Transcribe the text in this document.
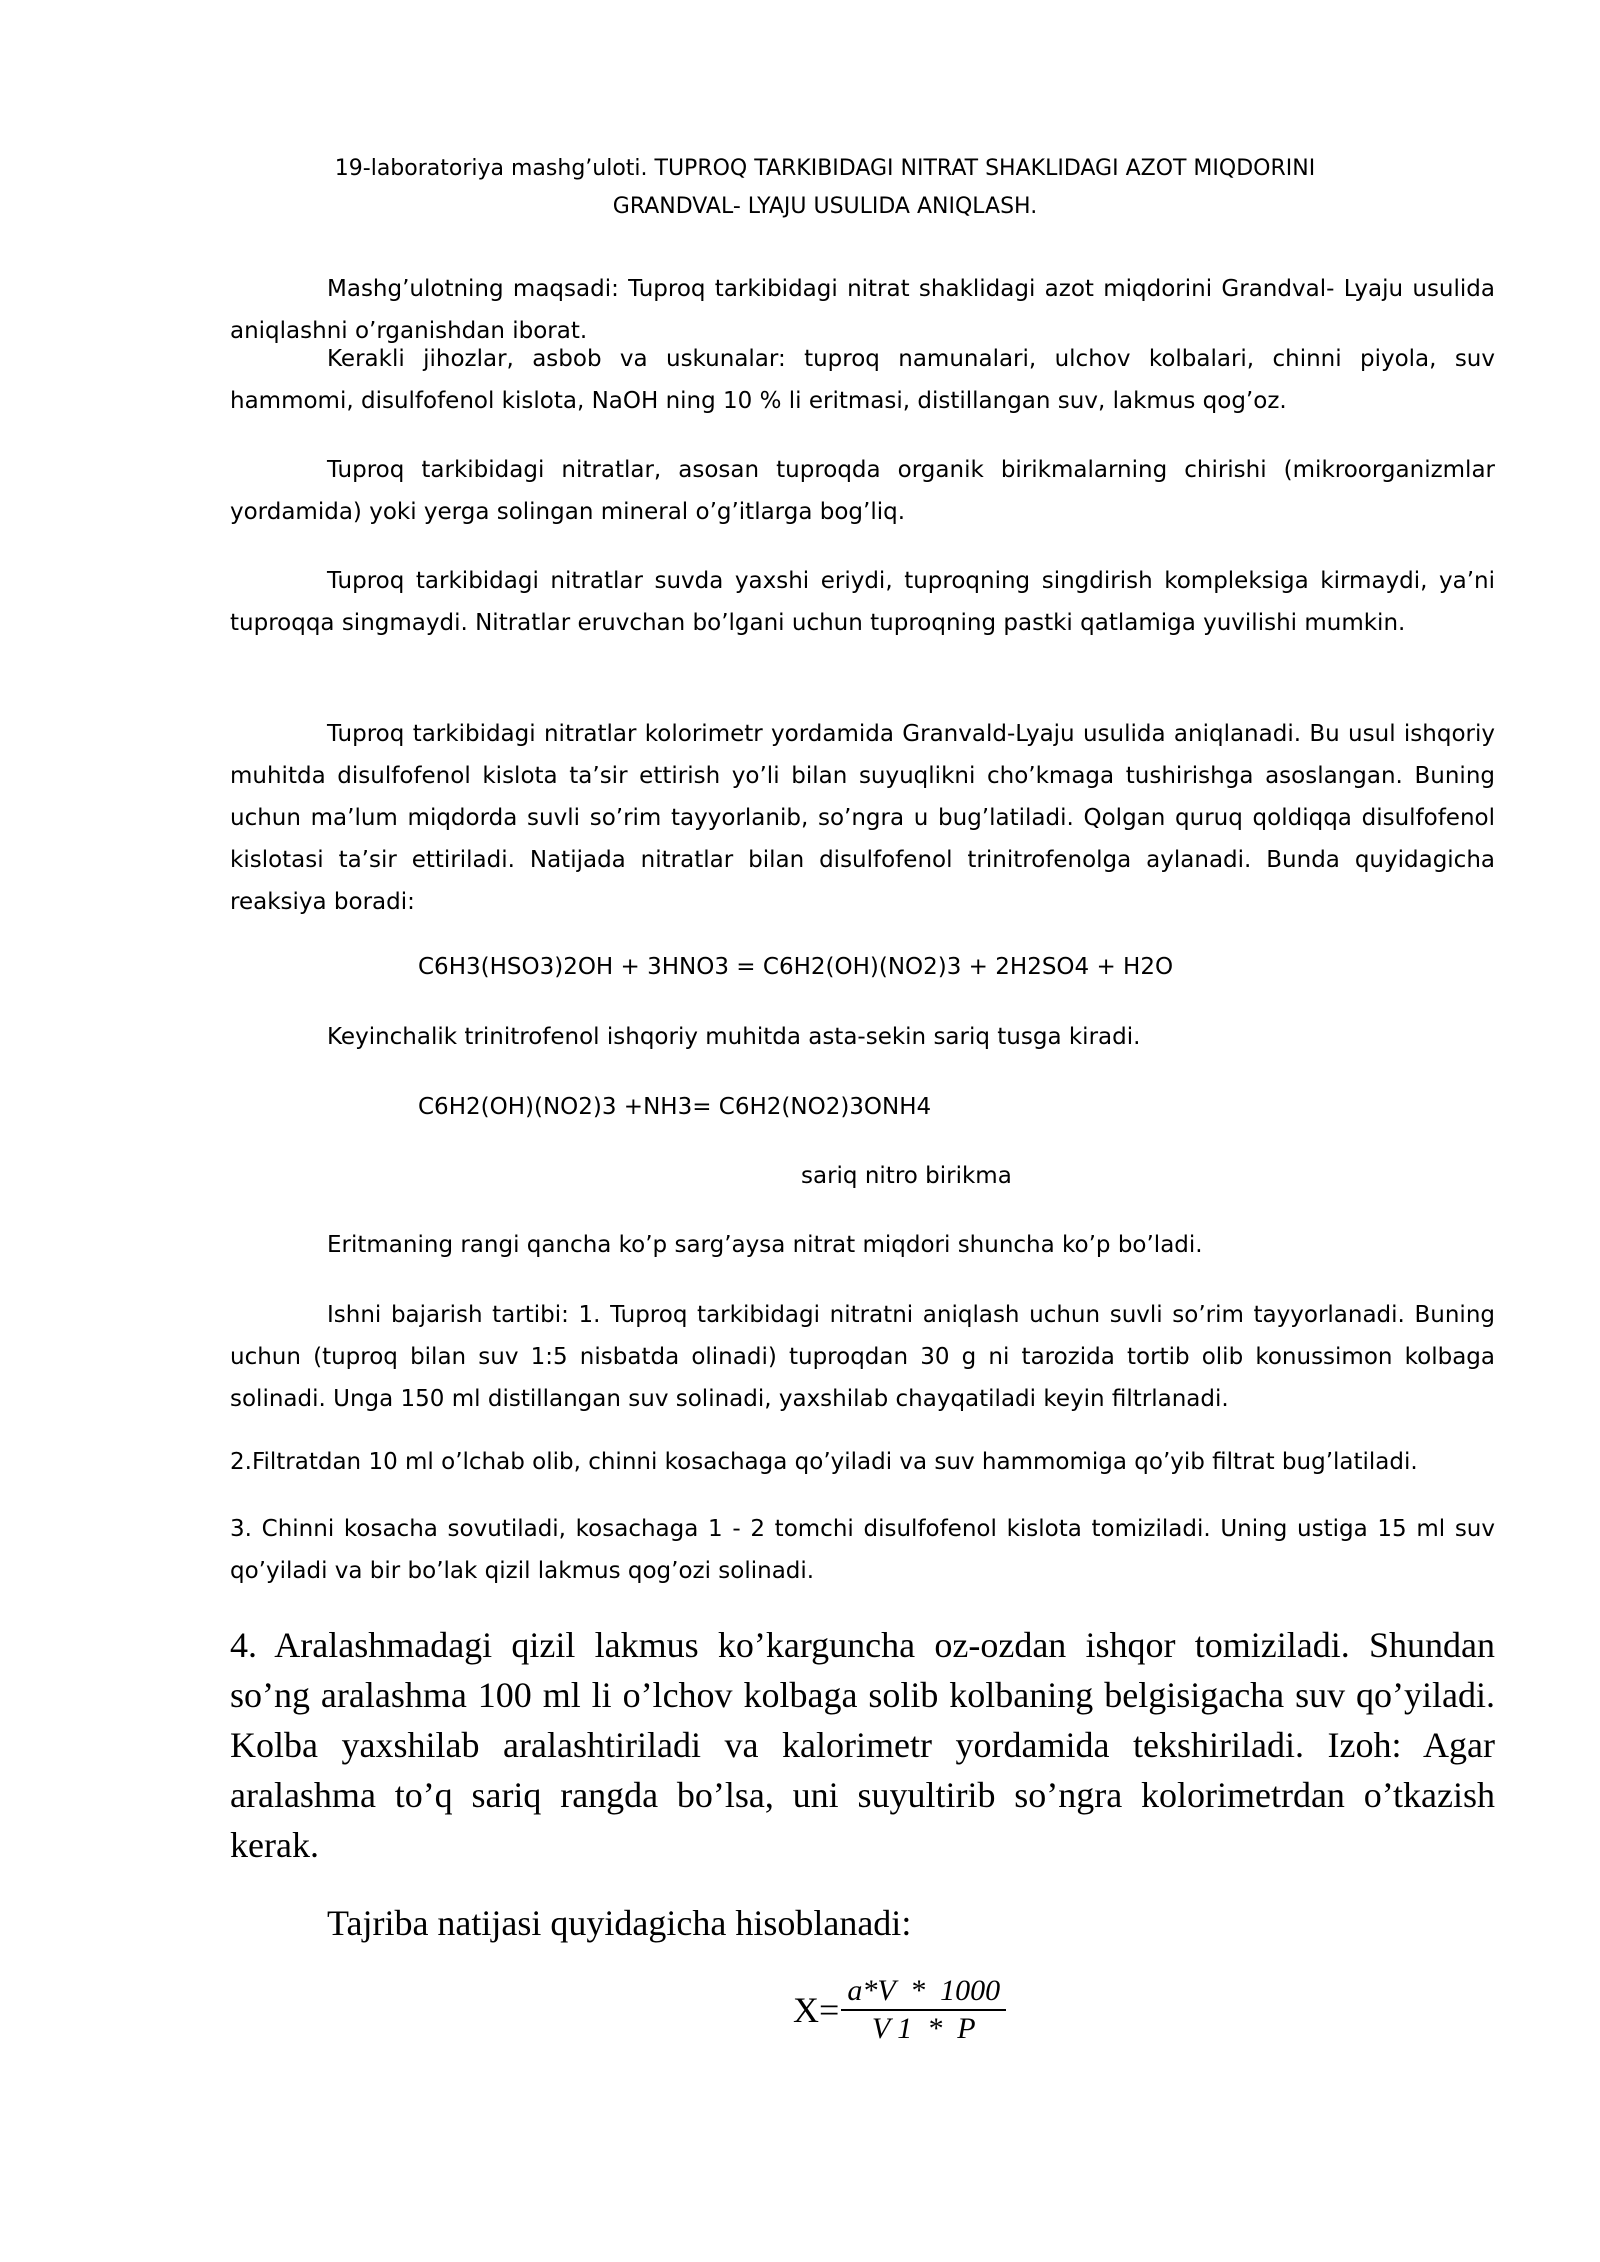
19-laboratoriya mashg’uloti. TUPROQ TARKIBIDAGI NITRAT SHAKLIDAGI AZOT MIQDORINI
GRANDVAL- LYAJU USULIDA ANIQLASH.

Mashg’ulotning maqsadi: Tuproq tarkibidagi nitrat shaklidagi azot miqdorini Grandval- Lyaju usulida aniqlashni o’rganishdan iborat.

Kerakli jihozlar, asbob va uskunalar: tuproq namunalari, ulchov kolbalari, chinni piyola, suv hammomi, disulfofenol kislota, NaOH ning 10 % li eritmasi, distillangan suv, lakmus qog’oz.

Tuproq tarkibidagi nitratlar, asosan tuproqda organik birikmalarning chirishi (mikroorganizmlar yordamida) yoki yerga solingan mineral o’g’itlarga bog’liq.

Tuproq tarkibidagi nitratlar suvda yaxshi eriydi, tuproqning singdirish kompleksiga kirmaydi, ya’ni tuproqqa singmaydi. Nitratlar eruvchan bo’lgani uchun tuproqning pastki qatlamiga yuvilishi mumkin.

Tuproq tarkibidagi nitratlar kolorimetr yordamida Granvald-Lyaju usulida aniqlanadi. Bu usul ishqoriy muhitda disulfofenol kislota ta’sir ettirish yo’li bilan suyuqlikni cho’kmaga tushirishga asoslangan. Buning uchun ma’lum miqdorda suvli so’rim tayyorlanib, so’ngra u bug’latiladi. Qolgan quruq qoldiqqa disulfofenol kislotasi ta’sir ettiriladi. Natijada nitratlar bilan disulfofenol trinitrofenolga aylanadi. Bunda quyidagicha reaksiya boradi:

C6H3(HSO3)2OH + 3HNO3 = C6H2(OH)(NO2)3 + 2H2SO4 + H2O
Keyinchalik trinitrofenol ishqoriy muhitda asta-sekin sariq tusga kiradi.
C6H2(OH)(NO2)3 +NH3= C6H2(NO2)3ONH4
sariq nitro birikma
Eritmaning rangi qancha ko’p sarg’aysa nitrat miqdori shuncha ko’p bo’ladi.

Ishni bajarish tartibi: 1. Tuproq tarkibidagi nitratni aniqlash uchun suvli so’rim tayyorlanadi. Buning uchun (tuproq bilan suv 1:5 nisbatda olinadi) tuproqdan 30 g ni tarozida tortib olib konussimon kolbaga solinadi. Unga 150 ml distillangan suv solinadi, yaxshilab chayqatiladi keyin filtrlanadi.

2.Filtratdan 10 ml o’lchab olib, chinni kosachaga qo’yiladi va suv hammomiga qo’yib filtrat bug’latiladi.

3. Chinni kosacha sovutiladi, kosachaga 1 - 2 tomchi disulfofenol kislota tomiziladi. Uning ustiga 15 ml suv qo’yiladi va bir bo’lak qizil lakmus qog’ozi solinadi.

4. Aralashmadagi qizil lakmus ko’karguncha oz-ozdan ishqor tomiziladi. Shundan so’ng aralashma 100 ml li o’lchov kolbaga solib kolbaning belgisigacha suv qo’yiladi. Kolba yaxshilab aralashtiriladi va kalorimetr yordamida tekshiriladi. Izoh: Agar aralashma to’q sariq rangda bo’lsa, uni suyultirib so’ngra kolorimetrdan o’tkazish kerak.

Tajriba natijasi quyidagicha hisoblanadi:
$X= \frac{a*V * 1000}{V 1 * P}$
